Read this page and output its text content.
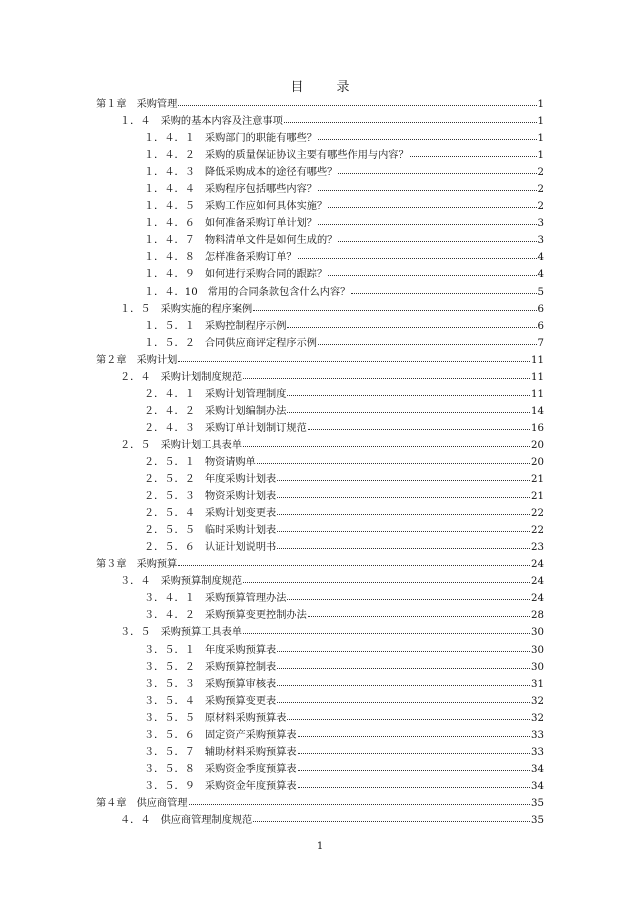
目　录
第１章 采购管理	1
１．４ 采购的基本内容及注意事项	1
１．４．１ 采购部门的职能有哪些？	1
１．４．２ 采购的质量保证协议主要有哪些作用与内容？	1
１．４．３ 降低采购成本的途径有哪些？	2
１．４．４ 采购程序包括哪些内容？	2
１．４．５ 采购工作应如何具体实施？	2
１．４．６ 如何准备采购订单计划？	3
１．４．７ 物料清单文件是如何生成的？	3
１．４．８ 怎样准备采购订单？	4
１．４．９ 如何进行采购合同的跟踪？	4
１．４．10 常用的合同条款包含什么内容？	5
１．５ 采购实施的程序案例	6
１．５．１ 采购控制程序示例	6
１．５．２ 合同供应商评定程序示例	7
第２章 采购计划	11
２．４ 采购计划制度规范	11
２．４．１ 采购计划管理制度	11
２．４．２ 采购计划编制办法	14
２．４．３ 采购订单计划制订规范	16
２．５ 采购计划工具表单	20
２．５．１ 物资请购单	20
２．５．２ 年度采购计划表	21
２．５．３ 物资采购计划表	21
２．５．４ 采购计划变更表	22
２．５．５ 临时采购计划表	22
２．５．６ 认证计划说明书	23
第３章 采购预算	24
３．４ 采购预算制度规范	24
３．４．１ 采购预算管理办法	24
３．４．２ 采购预算变更控制办法	28
３．５ 采购预算工具表单	30
３．５．１ 年度采购预算表	30
３．５．２ 采购预算控制表	30
３．５．３ 采购预算审核表	31
３．５．４ 采购预算变更表	32
３．５．５ 原材料采购预算表	32
３．５．６ 固定资产采购预算表	33
３．５．７ 辅助材料采购预算表	33
３．５．８ 采购资金季度预算表	34
３．５．９ 采购资金年度预算表	34
第４章 供应商管理	35
４．４ 供应商管理制度规范	35
1
